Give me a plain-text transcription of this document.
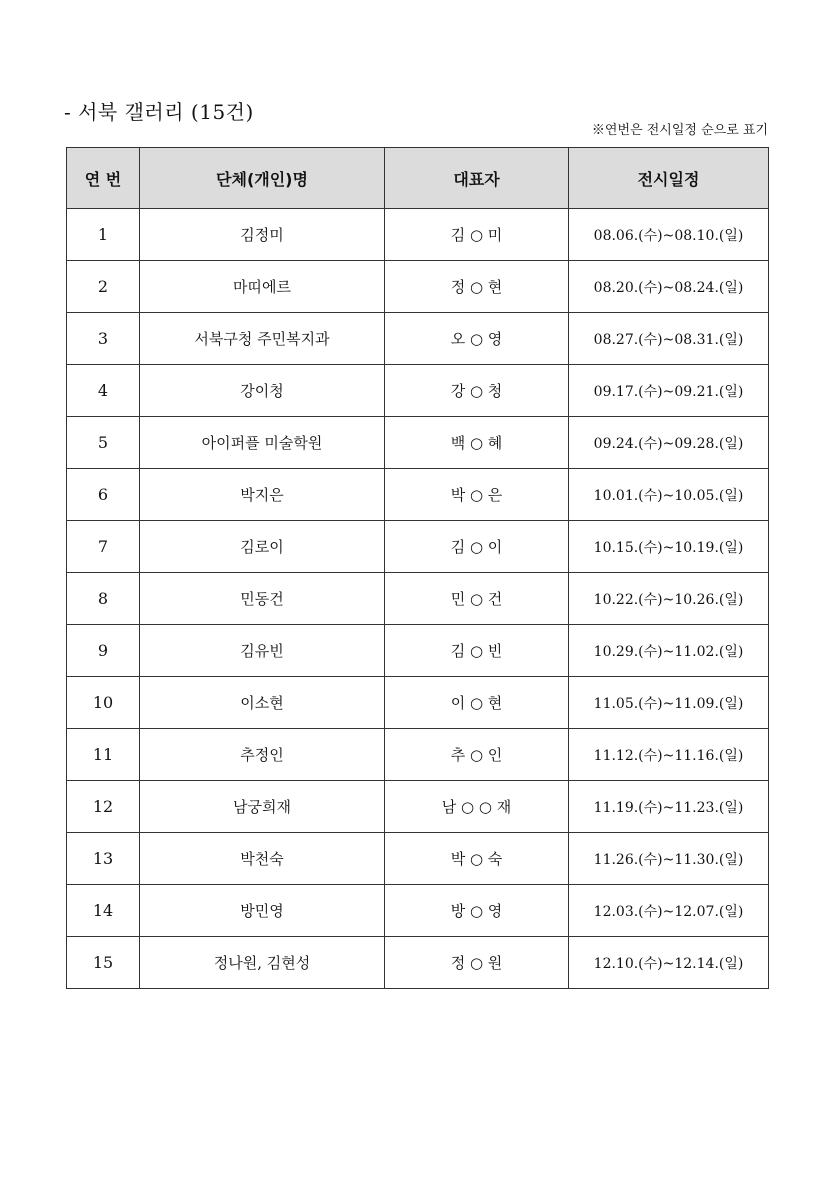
- 서북 갤러리 (15건)
※연번은 전시일정 순으로 표기
연 번	단체(개인)명	대표자	전시일정
1	김정미	김 ○ 미	08.06.(수)~08.10.(일)
2	마띠에르	정 ○ 현	08.20.(수)~08.24.(일)
3	서북구청 주민복지과	오 ○ 영	08.27.(수)~08.31.(일)
4	강이청	강 ○ 청	09.17.(수)~09.21.(일)
5	아이퍼플 미술학원	백 ○ 혜	09.24.(수)~09.28.(일)
6	박지은	박 ○ 은	10.01.(수)~10.05.(일)
7	김로이	김 ○ 이	10.15.(수)~10.19.(일)
8	민동건	민 ○ 건	10.22.(수)~10.26.(일)
9	김유빈	김 ○ 빈	10.29.(수)~11.02.(일)
10	이소현	이 ○ 현	11.05.(수)~11.09.(일)
11	추정인	추 ○ 인	11.12.(수)~11.16.(일)
12	남궁희재	남 ○ ○ 재	11.19.(수)~11.23.(일)
13	박천숙	박 ○ 숙	11.26.(수)~11.30.(일)
14	방민영	방 ○ 영	12.03.(수)~12.07.(일)
15	정나원, 김현성	정 ○ 원	12.10.(수)~12.14.(일)
